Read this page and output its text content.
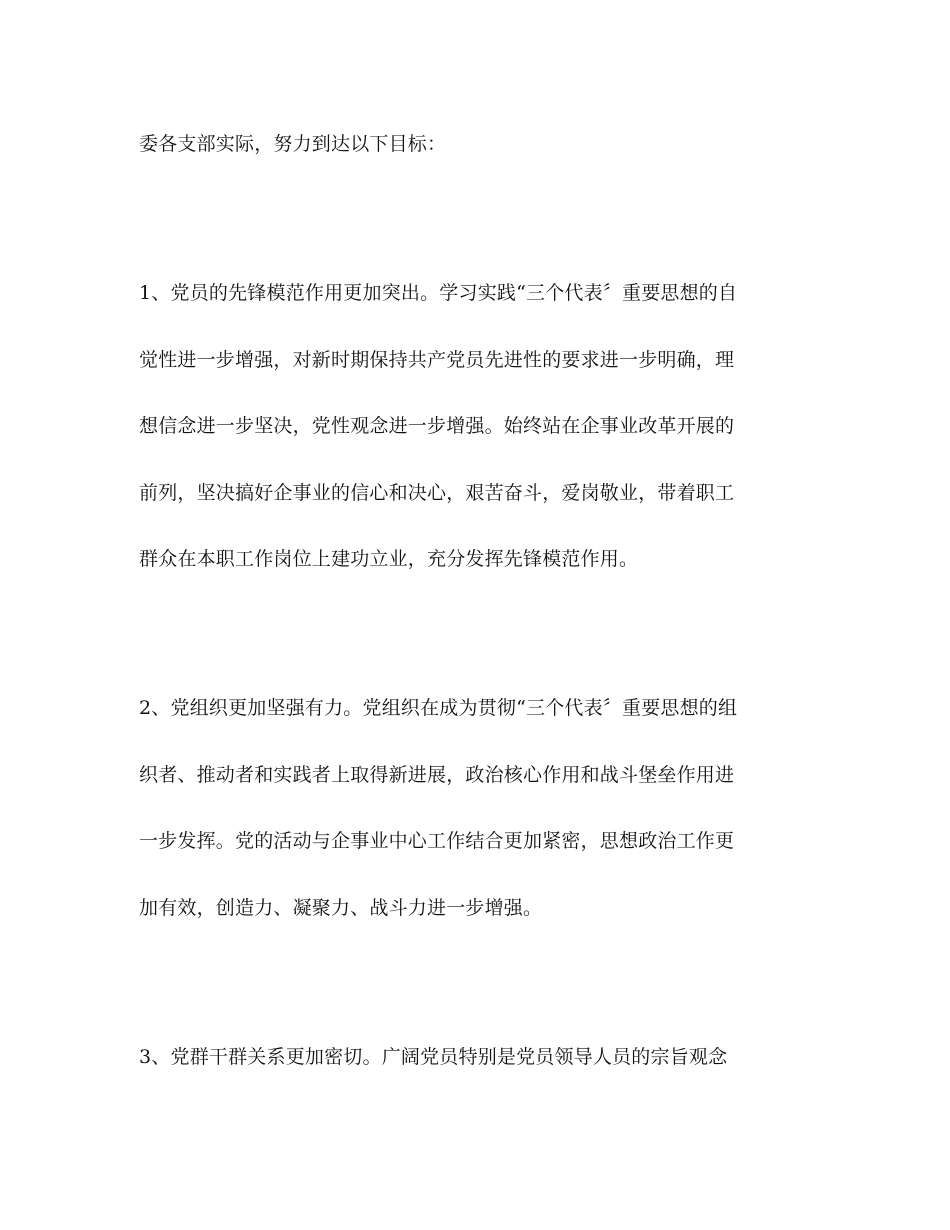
委各支部实际，努力到达以下目标：
1、党员的先锋模范作用更加突出。学习实践“三个代表〞重要思想的自
觉性进一步增强，对新时期保持共产党员先进性的要求进一步明确，理
想信念进一步坚决，党性观念进一步增强。始终站在企事业改革开展的
前列，坚决搞好企事业的信心和决心，艰苦奋斗，爱岗敬业，带着职工
群众在本职工作岗位上建功立业，充分发挥先锋模范作用。
2、党组织更加坚强有力。党组织在成为贯彻“三个代表〞重要思想的组
织者、推动者和实践者上取得新进展，政治核心作用和战斗堡垒作用进
一步发挥。党的活动与企事业中心工作结合更加紧密，思想政治工作更
加有效，创造力、凝聚力、战斗力进一步增强。
3、党群干群关系更加密切。广阔党员特别是党员领导人员的宗旨观念
